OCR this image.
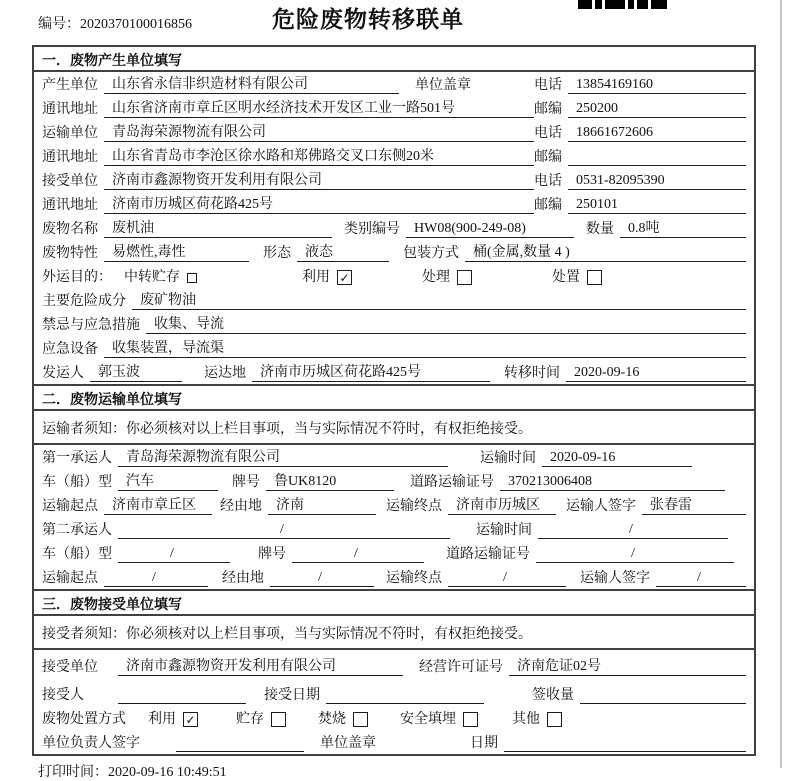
编号：2020370100016856	危险废物转移联单
一．废物产生单位填写
产生单位	山东省永信非织造材料有限公司	单位盖章	电话	13854169160
通讯地址	山东省济南市章丘区明水经济技术开发区工业一路501号	邮编	250200
运输单位	青岛海荣源物流有限公司	电话	18661672606
通讯地址	山东省青岛市李沧区徐水路和郑佛路交叉口东侧20米	邮编
接受单位	济南市鑫源物资开发利用有限公司	电话	0531-82095390
通讯地址	济南市历城区荷花路425号	邮编	250101
废物名称	废机油	类别编号	HW08(900-249-08)	数量	0.8吨
废物特性	易燃性,毒性	形态	液态	包装方式	桶(金属,数量 4 )
外运目的： 中转贮存	利用 ✓	处理	处置
主要危险成分	废矿物油
禁忌与应急措施	收集、导流
应急设备	收集装置，导流渠
发运人	郭玉波	运达地	济南市历城区荷花路425号	转移时间	2020-09-16
二．废物运输单位填写
运输者须知：你必须核对以上栏目事项，当与实际情况不符时，有权拒绝接受。
第一承运人	青岛海荣源物流有限公司	运输时间	2020-09-16
车（船）型	汽车	牌号	鲁UK8120	道路运输证号	370213006408
运输起点	济南市章丘区	经由地	济南	运输终点	济南市历城区	运输人签字	张春雷
第二承运人	/	运输时间	/
车（船）型	/	牌号	/	道路运输证号	/
运输起点	/	经由地	/	运输终点	/	运输人签字	/
三．废物接受单位填写
接受者须知：你必须核对以上栏目事项，当与实际情况不符时，有权拒绝接受。
接受单位	济南市鑫源物资开发利用有限公司	经营许可证号	济南危证02号
接受人	接受日期	签收量
废物处置方式 利用 ✓	贮存	焚烧	安全填埋	其他
单位负责人签字	单位盖章	日期
打印时间：2020-09-16 10:49:51
